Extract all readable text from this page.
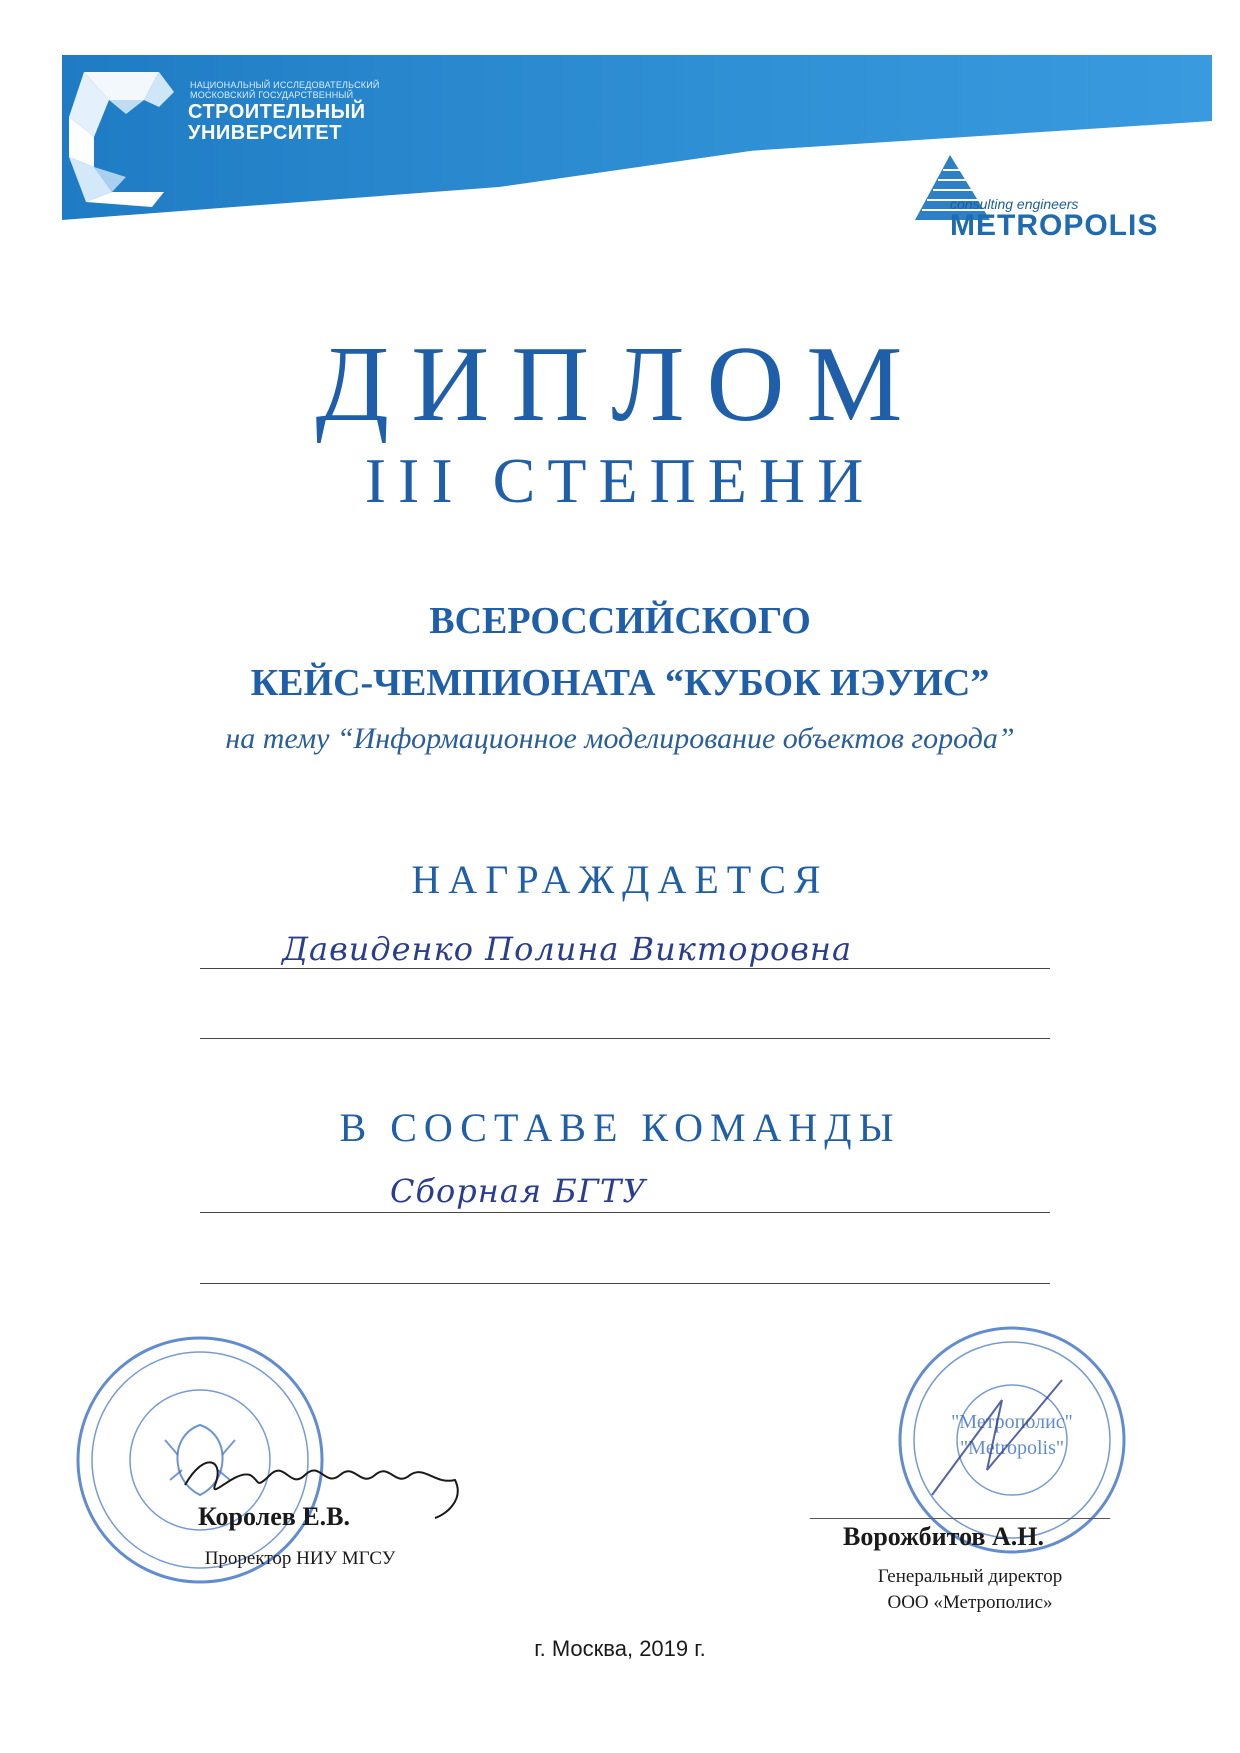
НАЦИОНАЛЬНЫЙ ИССЛЕДОВАТЕЛЬСКИЙ МОСКОВСКИЙ ГОСУДАРСТВЕННЫЙ
СТРОИТЕЛЬНЫЙ
УНИВЕРСИТЕТ
consulting engineers
METROPOLIS
ДИПЛОМ
III СТЕПЕНИ
ВСЕРОССИЙСКОГО
КЕЙС-ЧЕМПИОНАТА “КУБОК ИЭУИС”
на тему “Информационное моделирование объектов города”
НАГРАЖДАЕТСЯ
Давиденко Полина Викторовна
В СОСТАВЕ КОМАНДЫ
Сборная БГТУ
Королев Е.В.
Проректор НИУ МГСУ
"Метрополис"
"Metropolis"
Ворожбитов А.Н.
Генеральный директор
ООО «Метрополис»
г. Москва, 2019 г.
